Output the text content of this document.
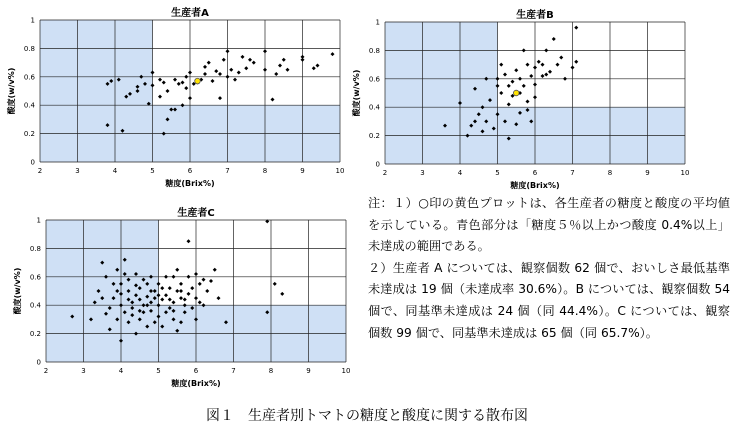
2	3	4	5	6	7	8	9	10
0
0.2
0.4
0.6
0.8
1
生産者A
糖度(Brix%)
酸度(w/v%)
2	3	4	5	6	7	8	9	10
0
0.2
0.4
0.6
0.8
1
生産者B
糖度(Brix%)
酸度(w/v%)
2	3	4	5	6	7	8	9	10
0
0.2
0.4
0.6
0.8
1
生産者C
糖度(Brix%)
酸度(w/v%)

注：１）○印の黄色プロットは、各生産者の糖度と酸度の平均値を示している。青色部分は「糖度５％以上かつ酸度 0.4%以上」未達成の範囲である。

２）生産者 A については、観察個数 62 個で、おいしさ最低基準未達成は 19 個（未達成率 30.6%）。B については、観察個数 54 個で、同基準未達成は 24 個（同 44.4%）。C については、観察個数 99 個で、同基準未達成は 65 個（同 65.7%）。

図１　生産者別トマトの糖度と酸度に関する散布図
